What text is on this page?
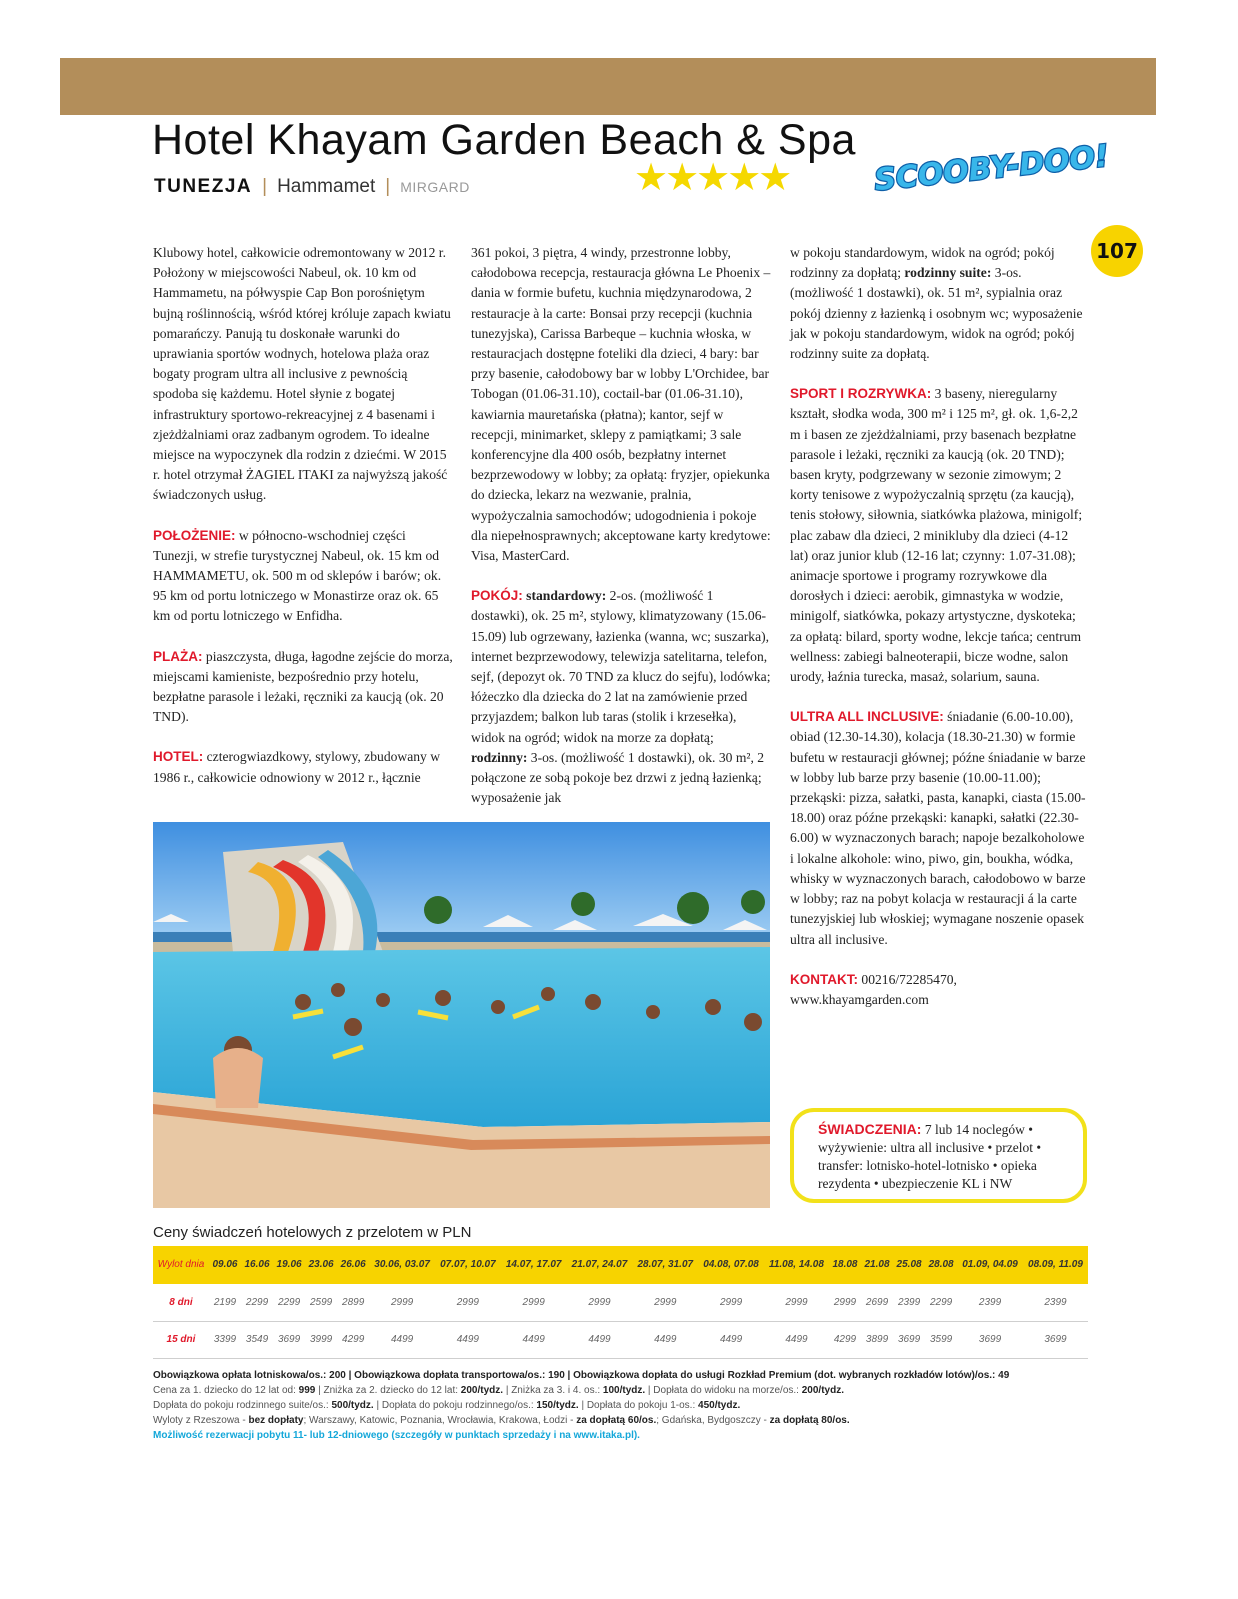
Hotel Khayam Garden Beach & Spa
TUNEZJA | Hammamet | MIRGARD	★★★★★	SCOOBY-DOO!
107

Klubowy hotel, całkowicie odremontowany w 2012 r. Położony w miejscowości Nabeul, ok. 10 km od Hammametu, na półwyspie Cap Bon porośniętym bujną roślinnością, wśród której króluje zapach kwiatu pomarańczy. Panują tu doskonałe warunki do uprawiania sportów wodnych, hotelowa plaża oraz bogaty program ultra all inclusive z pewnością spodoba się każdemu. Hotel słynie z bogatej infrastruktury sportowo-rekreacyjnej z 4 basenami i zjeżdżalniami oraz zadbanym ogrodem. To idealne miejsce na wypoczynek dla rodzin z dziećmi. W 2015 r. hotel otrzymał ŻAGIEL ITAKI za najwyższą jakość świadczonych usług.

POŁOŻENIE: w północno-wschodniej części Tunezji, w strefie turystycznej Nabeul, ok. 15 km od HAMMAMETU, ok. 500 m od sklepów i barów; ok. 95 km od portu lotniczego w Monastirze oraz ok. 65 km od portu lotniczego w Enfidha.

PLAŻA: piaszczysta, długa, łagodne zejście do morza, miejscami kamieniste, bezpośrednio przy hotelu, bezpłatne parasole i leżaki, ręczniki za kaucją (ok. 20 TND).

HOTEL: czterogwiazdkowy, stylowy, zbudowany w 1986 r., całkowicie odnowiony w 2012 r., łącznie

361 pokoi, 3 piętra, 4 windy, przestronne lobby, całodobowa recepcja, restauracja główna Le Phoenix – dania w formie bufetu, kuchnia międzynarodowa, 2 restauracje à la carte: Bonsai przy recepcji (kuchnia tunezyjska), Carissa Barbeque – kuchnia włoska, w restauracjach dostępne foteliki dla dzieci, 4 bary: bar przy basenie, całodobowy bar w lobby L'Orchidee, bar Tobogan (01.06-31.10), coctail-bar (01.06-31.10), kawiarnia mauretańska (płatna); kantor, sejf w recepcji, minimarket, sklepy z pamiątkami; 3 sale konferencyjne dla 400 osób, bezpłatny internet bezprzewodowy w lobby; za opłatą: fryzjer, opiekunka do dziecka, lekarz na wezwanie, pralnia, wypożyczalnia samochodów; udogodnienia i pokoje dla niepełnosprawnych; akceptowane karty kredytowe: Visa, MasterCard.

POKÓJ: standardowy: 2-os. (możliwość 1 dostawki), ok. 25 m², stylowy, klimatyzowany (15.06-15.09) lub ogrzewany, łazienka (wanna, wc; suszarka), internet bezprzewodowy, telewizja satelitarna, telefon, sejf, (depozyt ok. 70 TND za klucz do sejfu), lodówka; łóżeczko dla dziecka do 2 lat na zamówienie przed przyjazdem; balkon lub taras (stolik i krzesełka), widok na ogród; widok na morze za dopłatą; rodzinny: 3-os. (możliwość 1 dostawki), ok. 30 m², 2 połączone ze sobą pokoje bez drzwi z jedną łazienką; wyposażenie jak

w pokoju standardowym, widok na ogród; pokój rodzinny za dopłatą; rodzinny suite: 3-os. (możliwość 1 dostawki), ok. 51 m², sypialnia oraz pokój dzienny z łazienką i osobnym wc; wyposażenie jak w pokoju standardowym, widok na ogród; pokój rodzinny suite za dopłatą.

SPORT I ROZRYWKA: 3 baseny, nieregularny kształt, słodka woda, 300 m² i 125 m², gł. ok. 1,6-2,2 m i basen ze zjeżdżalniami, przy basenach bezpłatne parasole i leżaki, ręczniki za kaucją (ok. 20 TND); basen kryty, podgrzewany w sezonie zimowym; 2 korty tenisowe z wypożyczalnią sprzętu (za kaucją), tenis stołowy, siłownia, siatkówka plażowa, minigolf; plac zabaw dla dzieci, 2 minikluby dla dzieci (4-12 lat) oraz junior klub (12-16 lat; czynny: 1.07-31.08); animacje sportowe i programy rozrywkowe dla dorosłych i dzieci: aerobik, gimnastyka w wodzie, minigolf, siatkówka, pokazy artystyczne, dyskoteka; za opłatą: bilard, sporty wodne, lekcje tańca; centrum wellness: zabiegi balneoterapii, bicze wodne, salon urody, łaźnia turecka, masaż, solarium, sauna.

ULTRA ALL INCLUSIVE: śniadanie (6.00-10.00), obiad (12.30-14.30), kolacja (18.30-21.30) w formie bufetu w restauracji głównej; późne śniadanie w barze w lobby lub barze przy basenie (10.00-11.00); przekąski: pizza, sałatki, pasta, kanapki, ciasta (15.00-18.00) oraz późne przekąski: kanapki, sałatki (22.30-6.00) w wyznaczonych barach; napoje bezalkoholowe i lokalne alkohole: wino, piwo, gin, boukha, wódka, whisky w wyznaczonych barach, całodobowo w barze w lobby; raz na pobyt kolacja w restauracji á la carte tunezyjskiej lub włoskiej; wymagane noszenie opasek ultra all inclusive.

KONTAKT: 00216/72285470, www.khayamgarden.com

ŚWIADCZENIA: 7 lub 14 noclegów • wyżywienie: ultra all inclusive • przelot • transfer: lotnisko-hotel-lotnisko • opieka rezydenta • ubezpieczenie KL i NW
Ceny świadczeń hotelowych z przelotem w PLN
Wylot dnia	09.06	16.06	19.06	23.06	26.06	30.06, 03.07	07.07, 10.07	14.07, 17.07	21.07, 24.07	28.07, 31.07	04.08, 07.08	11.08, 14.08	18.08	21.08	25.08	28.08	01.09, 04.09	08.09, 11.09
8 dni	2199	2299	2299	2599	2899	2999	2999	2999	2999	2999	2999	2999	2999	2699	2399	2299	2399	2399
15 dni	3399	3549	3699	3999	4299	4499	4499	4499	4499	4499	4499	4499	4299	3899	3699	3599	3699	3699
Obowiązkowa opłata lotniskowa/os.: 200 | Obowiązkowa dopłata transportowa/os.: 190 | Obowiązkowa dopłata do usługi Rozkład Premium (dot. wybranych rozkładów lotów)/os.: 49
Cena za 1. dziecko do 12 lat od: 999 | Zniżka za 2. dziecko do 12 lat: 200/tydz. | Zniżka za 3. i 4. os.: 100/tydz. | Dopłata do widoku na morze/os.: 200/tydz.
Dopłata do pokoju rodzinnego suite/os.: 500/tydz. | Dopłata do pokoju rodzinnego/os.: 150/tydz. | Dopłata do pokoju 1-os.: 450/tydz.
Wyloty z Rzeszowa - bez dopłaty; Warszawy, Katowic, Poznania, Wrocławia, Krakowa, Łodzi - za dopłatą 60/os.; Gdańska, Bydgoszczy - za dopłatą 80/os.
Możliwość rezerwacji pobytu 11- lub 12-dniowego (szczegóły w punktach sprzedaży i na www.itaka.pl).
